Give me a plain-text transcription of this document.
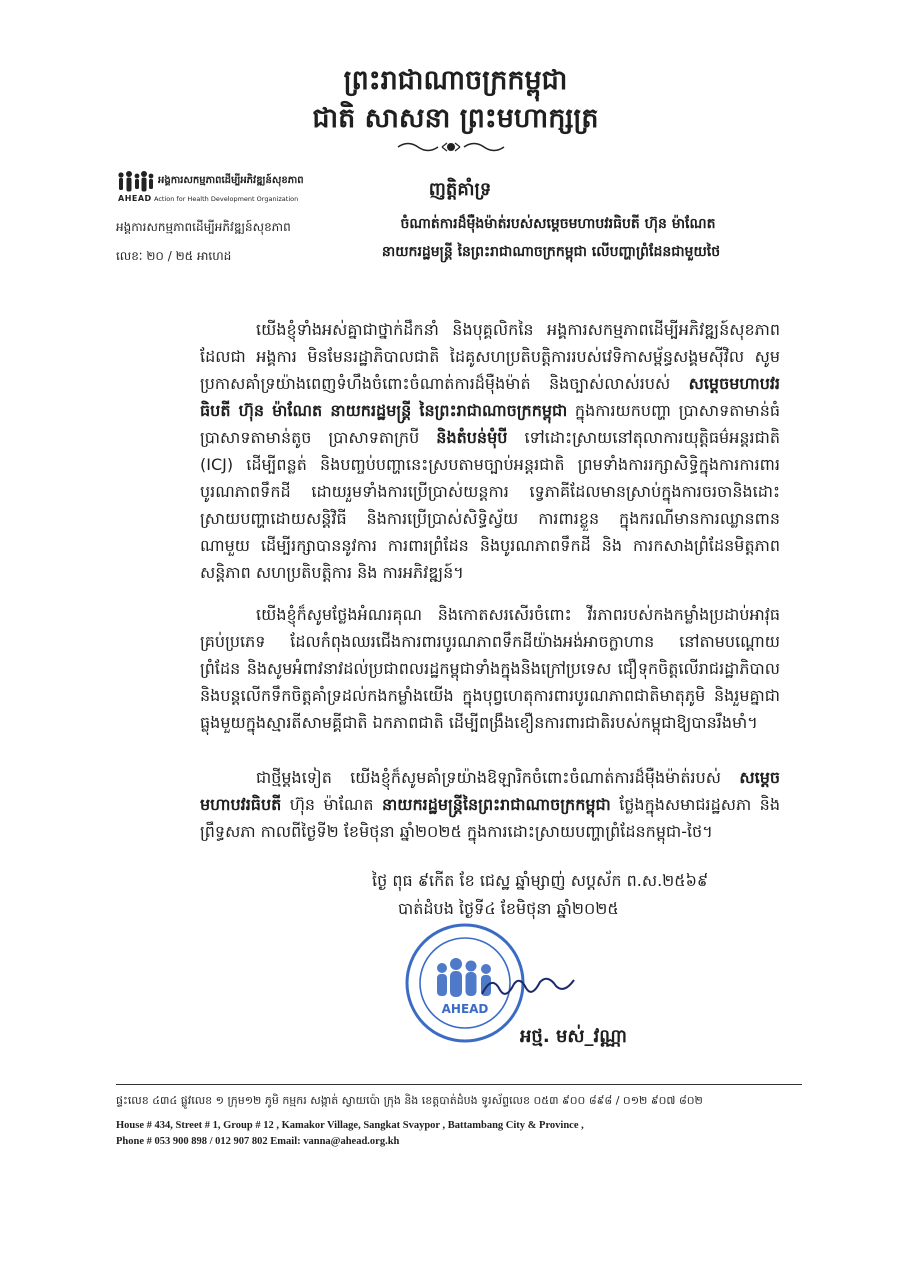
ព្រះរាជាណាចក្រកម្ពុជា
ជាតិ សាសនា ព្រះមហាក្សត្រ
អង្គការសកម្មភាពដើម្បីអភិវឌ្ឍន៍សុខភាព
AHEAD Action for Health Development Organization
អង្គការសកម្មភាពដើម្បីអភិវឌ្ឍន៍សុខភាព
លេខៈ ២០ / ២៥ អាហេដ
ញត្តិគាំទ្រ
ចំណាត់ការដ៏ម៉ឺងម៉ាត់របស់សម្ដេចមហាបវរធិបតី ហ៊ុន ម៉ាណែត
នាយករដ្ឋមន្ត្រី នៃព្រះរាជាណាចក្រកម្ពុជា លើបញ្ហាព្រំដែនជាមួយថៃ
យើងខ្ញុំទាំងអស់គ្នាជាថ្នាក់ដឹកនាំ និងបុគ្គលិកនៃ អង្គការសកម្មភាពដើម្បីអភិវឌ្ឍន៍សុខភាព ដែលជា អង្គការ មិនមែនរដ្ឋាភិបាលជាតិ ដៃគូសហប្រតិបត្តិការរបស់វេទិកាសម្ព័ន្ធសង្គមស៊ីវិល សូមប្រកាសគាំទ្រយ៉ាងពេញទំហឹងចំពោះចំណាត់ការដ៏ម៉ឺងម៉ាត់ និងច្បាស់លាស់របស់ សម្ដេចមហាបវរធិបតី ហ៊ុន ម៉ាណែត នាយករដ្ឋមន្ត្រី នៃព្រះរាជាណាចក្រកម្ពុជា ក្នុងការយកបញ្ហា ប្រាសាទតាមាន់ធំ ប្រាសាទតាមាន់តូច ប្រាសាទតាក្របី និងតំបន់មុំបី ទៅដោះស្រាយនៅតុលាការយុត្តិធម៌អន្តរជាតិ (ICJ) ដើម្បីពន្លត់ និងបញ្ចប់បញ្ហានេះស្របតាមច្បាប់អន្តរជាតិ ព្រមទាំងការរក្សាសិទ្ធិក្នុងការការពារបូរណភាពទឹកដី ដោយរួមទាំងការប្រើប្រាស់យន្តការ ទ្វេភាគីដែលមានស្រាប់ក្នុងការចរចានិងដោះស្រាយបញ្ហាដោយសន្តិវិធី និងការប្រើប្រាស់សិទ្ធិស្វ័យ ការពារខ្លួន ក្នុងករណីមានការឈ្លានពានណាមួយ ដើម្បីរក្សាបាននូវការ ការពារព្រំដែន និងបូរណភាពទឹកដី និង ការកសាងព្រំដែនមិត្តភាព សន្តិភាព សហប្រតិបត្តិការ និង ការអភិវឌ្ឍន៍។
យើងខ្ញុំក៏សូមថ្លែងអំណរគុណ និងកោតសរសើរចំពោះ វីរភាពរបស់កងកម្លាំងប្រដាប់អាវុធគ្រប់ប្រភេទ ដែលកំពុងឈរជើងការពារបូរណភាពទឹកដីយ៉ាងអង់អាចក្លាហាន នៅតាមបណ្តោយព្រំដែន និងសូមអំពាវនាវដល់ប្រជាពលរដ្ឋកម្ពុជាទាំងក្នុងនិងក្រៅប្រទេស ជឿទុកចិត្តលើរាជរដ្ឋាភិបាល និងបន្តលើកទឹកចិត្តគាំទ្រដល់កងកម្លាំងយើង ក្នុងបុព្វហេតុការពារបូរណភាពជាតិមាតុភូមិ និងរួមគ្នាជាធ្លុងមួយក្នុងស្មារតីសាមគ្គីជាតិ ឯកភាពជាតិ ដើម្បីពង្រឹងខឿនការពារជាតិរបស់កម្ពុជាឱ្យបានរឹងមាំ។
ជាថ្មីម្ដងទៀត យើងខ្ញុំក៏សូមគាំទ្រយ៉ាងឱឡារិកចំពោះចំណាត់ការដ៏ម៉ឺងម៉ាត់របស់ សម្ដេចមហាបវរធិបតី ហ៊ុន ម៉ាណែត នាយករដ្ឋមន្ត្រីនៃព្រះរាជាណាចក្រកម្ពុជា ថ្លែងក្នុងសមាជរដ្ឋសភា និងព្រឹទ្ធសភា កាលពីថ្ងៃទី២ ខែមិថុនា ឆ្នាំ២០២៥ ក្នុងការដោះស្រាយបញ្ហាព្រំដែនកម្ពុជា-ថៃ។
ថ្ងៃ ពុធ ៩កើត ខែ ជេស្ឋ ឆ្នាំម្សាញ់ សប្តស័ក ព.ស.២៥៦៩
បាត់ដំបង ថ្ងៃទី៤ ខែមិថុនា ឆ្នាំ២០២៥
AHEAD
អថ្ម. មស់_វណ្ណា
ផ្ទះលេខ ៤៣៤ ផ្លូវលេខ ១ ក្រុម១២ ភូមិ កម្មករ សង្កាត់ ស្វាយប៉ោ ក្រុង និង ខេត្តបាត់ដំបង ទូរស័ព្ទលេខ ០៥៣ ៩០០ ៨៩៨ / ០១២ ៩០៧ ៨០២
House # 434, Street # 1, Group # 12 , Kamakor Village, Sangkat Svaypor , Battambang City & Province ,
Phone # 053 900 898 / 012 907 802 Email: vanna@ahead.org.kh
